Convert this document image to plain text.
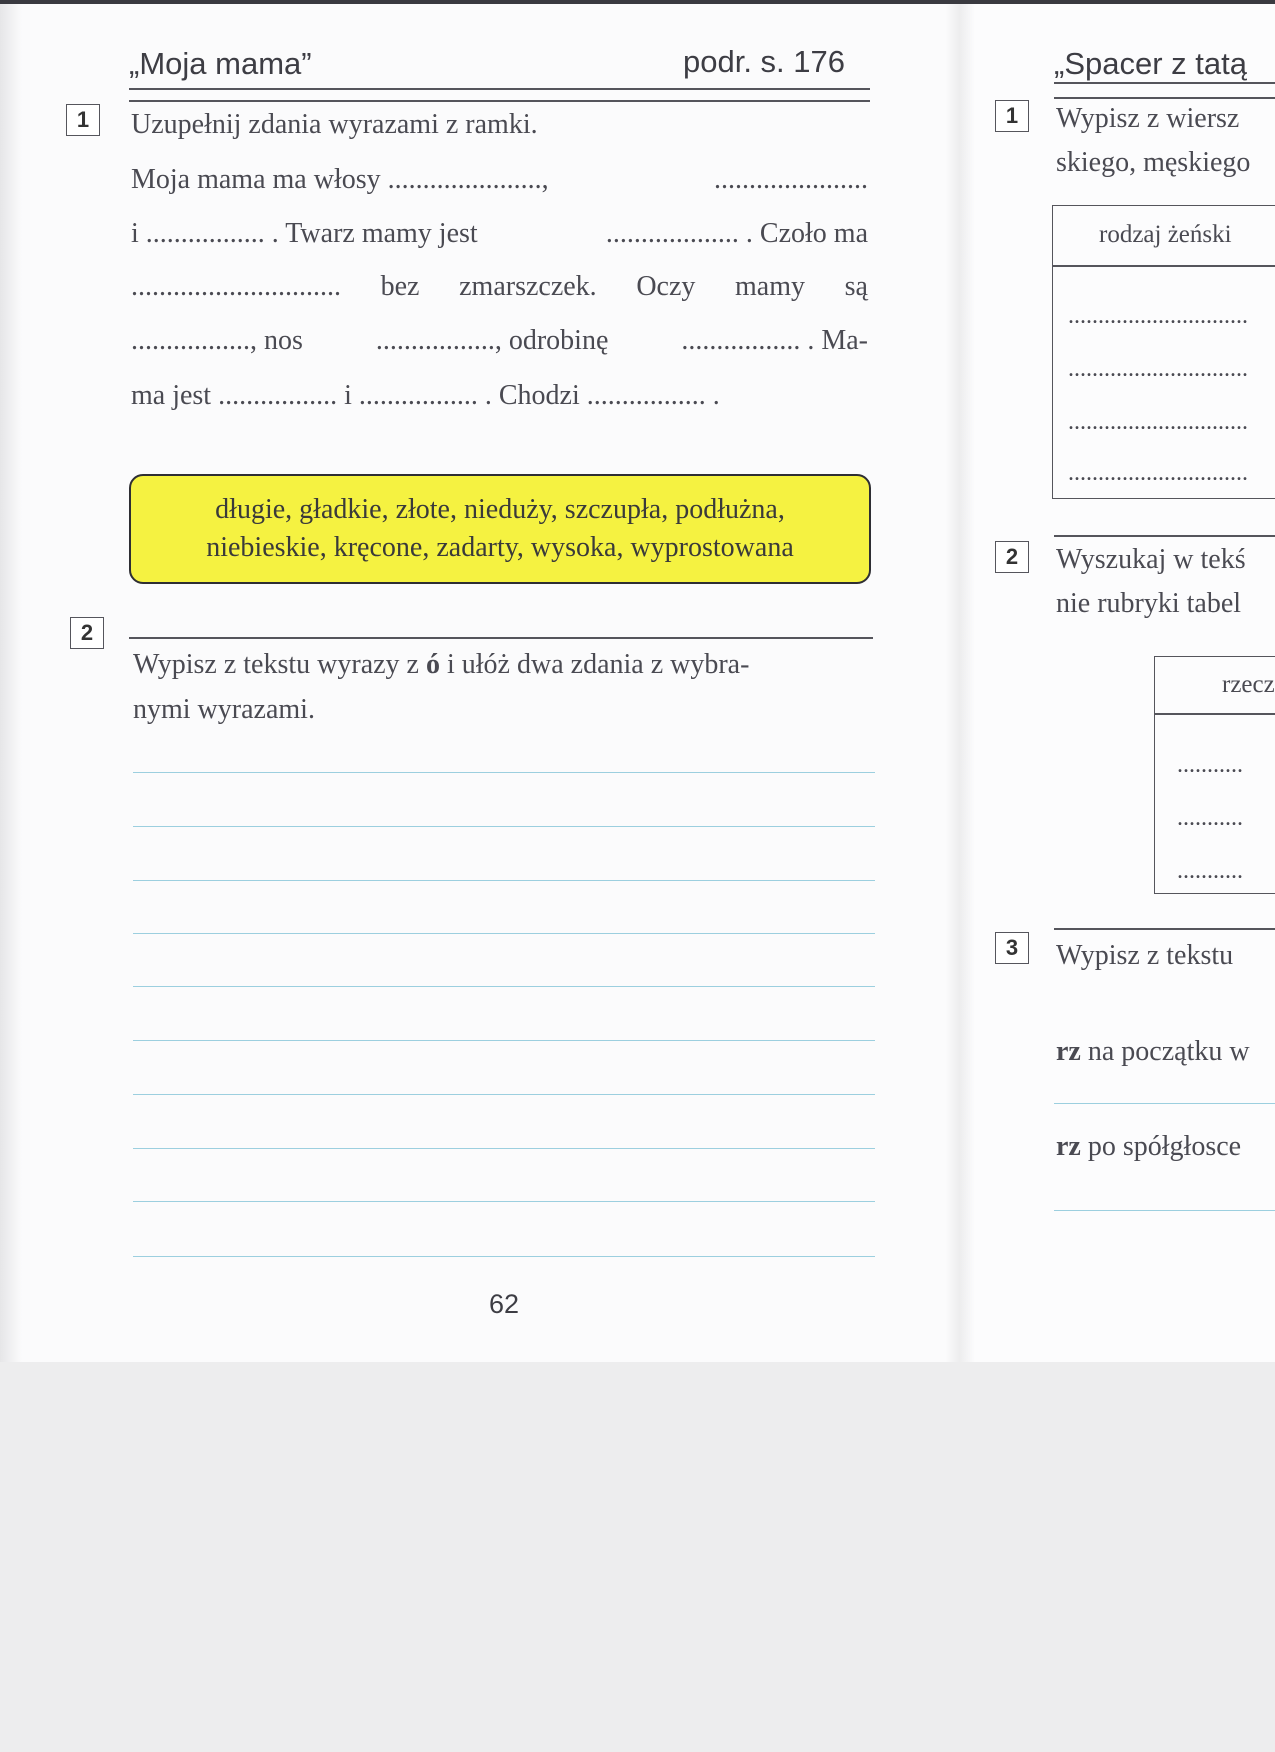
„Moja mama”	podr. s. 176
1	Uzupełnij zdania wyrazami z ramki.
Moja mama ma włosy ......................,	......................
i ................. . Twarz mamy jest	................... . Czoło ma
.............................. bez zmarszczek. Oczy mamy są
................., nos	................., odrobinę	................. . Ma-
ma jest ................. i ................. . Chodzi ................. .
długie, gładkie, złote, nieduży, szczupła, podłużna,
niebieskie, kręcone, zadarty, wysoka, wyprostowana
2
Wypisz z tekstu wyrazy z ó i ułóż dwa zdania z wybra-
nymi wyrazami.
62
„Spacer z tatą
1	Wypisz z wiersz
skiego, męskiego
rodzaj żeński
..............................
..............................
..............................
..............................
2	Wyszukaj w tekś
nie rubryki tabel
rzecz
...........
...........
...........
3	Wypisz z tekstu
rz na początku w
rz po spółgłosce
